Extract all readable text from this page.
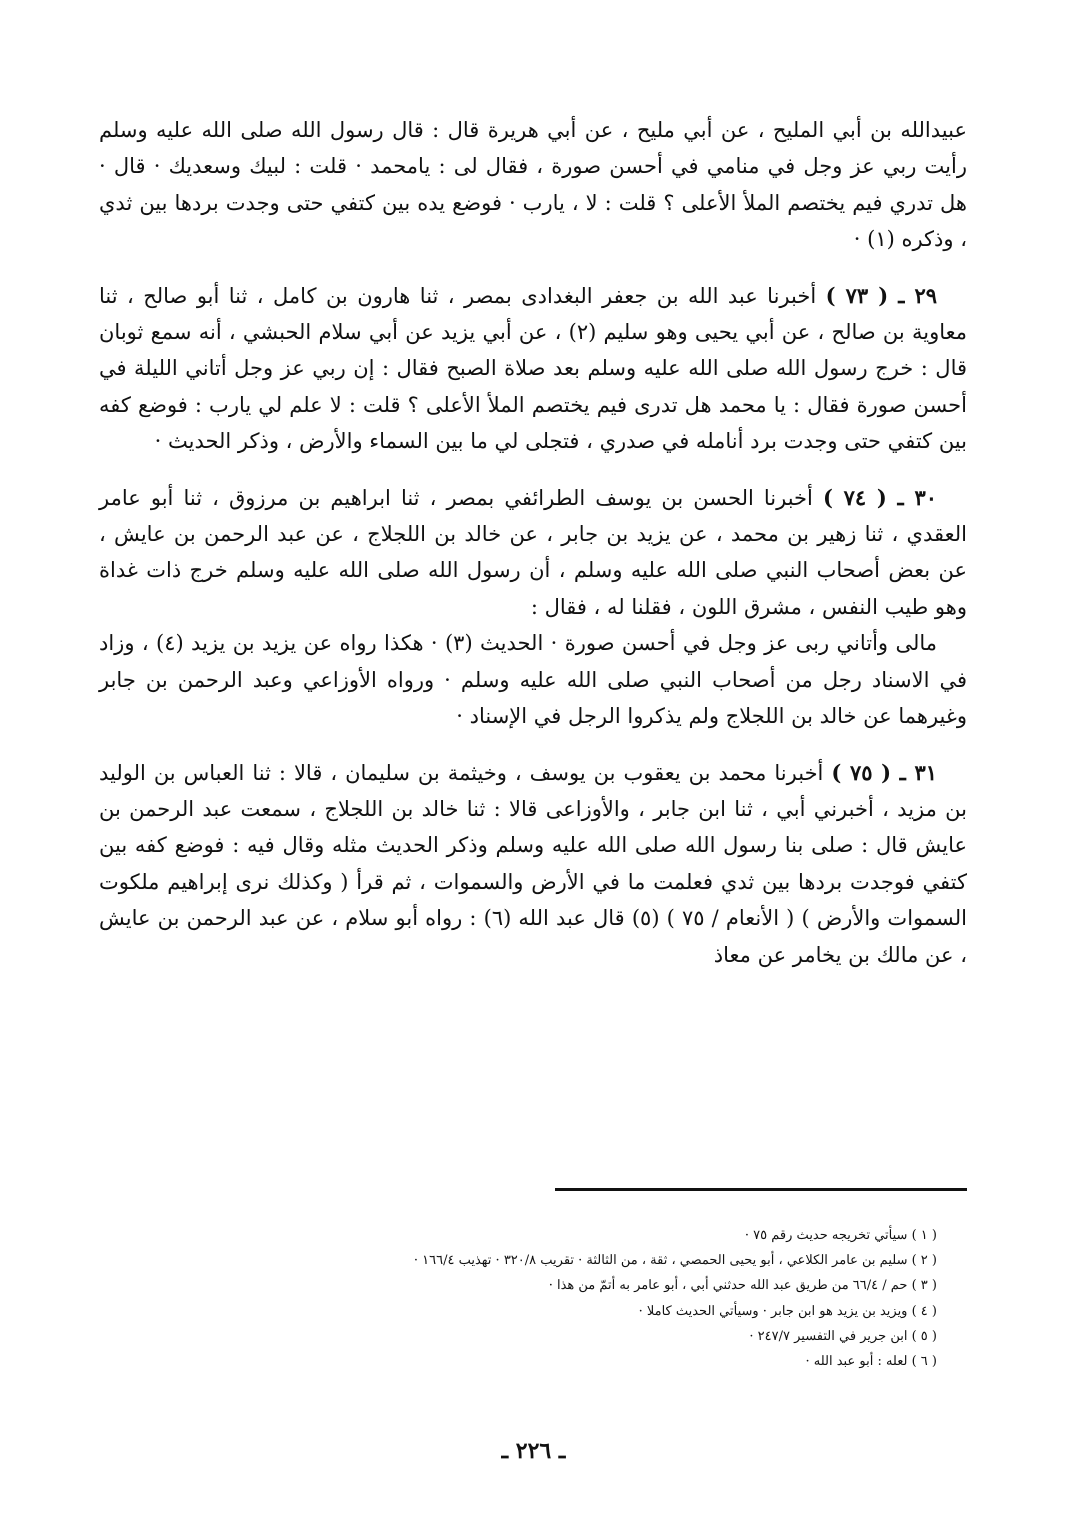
عبيدالله بن أبي المليح ، عن أبي مليح ، عن أبي هريرة قال : قال رسول الله صلى الله عليه وسلم رأيت ربي عز وجل في منامي في أحسن صورة ، فقال لى : يامحمد · قلت : لبيك وسعديك · قال · هل تدري فيم يختصم الملأ الأعلى ؟ قلت : لا ، يارب · فوضع يده بين كتفي حتى وجدت بردها بين ثدي ، وذكره (١) ·

٢٩ ـ ( ٧٣ ) أخبرنا عبد الله بن جعفر البغدادى بمصر ، ثنا هارون بن كامل ، ثنا أبو صالح ، ثنا معاوية بن صالح ، عن أبي يحيى وهو سليم (٢) ، عن أبي يزيد عن أبي سلام الحبشي ، أنه سمع ثوبان قال : خرج رسول الله صلى الله عليه وسلم بعد صلاة الصبح فقال : إن ربي عز وجل أتاني الليلة في أحسن صورة فقال : يا محمد هل تدرى فيم يختصم الملأ الأعلى ؟ قلت : لا علم لي يارب : فوضع كفه بين كتفي حتى وجدت برد أنامله في صدري ، فتجلى لي ما بين السماء والأرض ، وذكر الحديث ·

٣٠ ـ ( ٧٤ ) أخبرنا الحسن بن يوسف الطرائفي بمصر ، ثنا ابراهيم بن مرزوق ، ثنا أبو عامر العقدي ، ثنا زهير بن محمد ، عن يزيد بن جابر ، عن خالد بن اللجلاج ، عن عبد الرحمن بن عايش ، عن بعض أصحاب النبي صلى الله عليه وسلم ، أن رسول الله صلى الله عليه وسلم خرج ذات غداة وهو طيب النفس ، مشرق اللون ، فقلنا له ، فقال :

مالى وأتاني ربى عز وجل في أحسن صورة · الحديث (٣) · هكذا رواه عن يزيد بن يزيد (٤) ، وزاد في الاسناد رجل من أصحاب النبي صلى الله عليه وسلم · ورواه الأوزاعي وعبد الرحمن بن جابر وغيرهما عن خالد بن اللجلاج ولم يذكروا الرجل في الإسناد ·

٣١ ـ ( ٧٥ ) أخبرنا محمد بن يعقوب بن يوسف ، وخيثمة بن سليمان ، قالا : ثنا العباس بن الوليد بن مزيد ، أخبرني أبي ، ثنا ابن جابر ، والأوزاعى قالا : ثنا خالد بن اللجلاج ، سمعت عبد الرحمن بن عايش قال : صلى بنا رسول الله صلى الله عليه وسلم وذكر الحديث مثله وقال فيه : فوضع كفه بين كتفي فوجدت بردها بين ثدي فعلمت ما في الأرض والسموات ، ثم قرأ ( وكذلك نرى إبراهيم ملكوت السموات والأرض ) ( الأنعام / ٧٥ ) (٥) قال عبد الله (٦) : رواه أبو سلام ، عن عبد الرحمن بن عايش ، عن مالك بن يخامر عن معاذ

( ١ ) سيأتي تخريجه حديث رقم ٧٥ ·
( ٢ ) سليم بن عامر الكلاعي ، أبو يحيى الحمصي ، ثقة ، من الثالثة · تقريب ٣٢٠/٨ · تهذيب ١٦٦/٤ ·
( ٣ ) حم / ٦٦/٤ من طريق عبد الله حدثني أبي ، أبو عامر به أتمّ من هذا ·
( ٤ ) ويزيد بن يزيد هو ابن جابر · وسيأتي الحديث كاملا ·
( ٥ ) ابن جرير في التفسير ٢٤٧/٧ ·
( ٦ ) لعله : أبو عبد الله ·
ـ ٢٢٦ ـ
